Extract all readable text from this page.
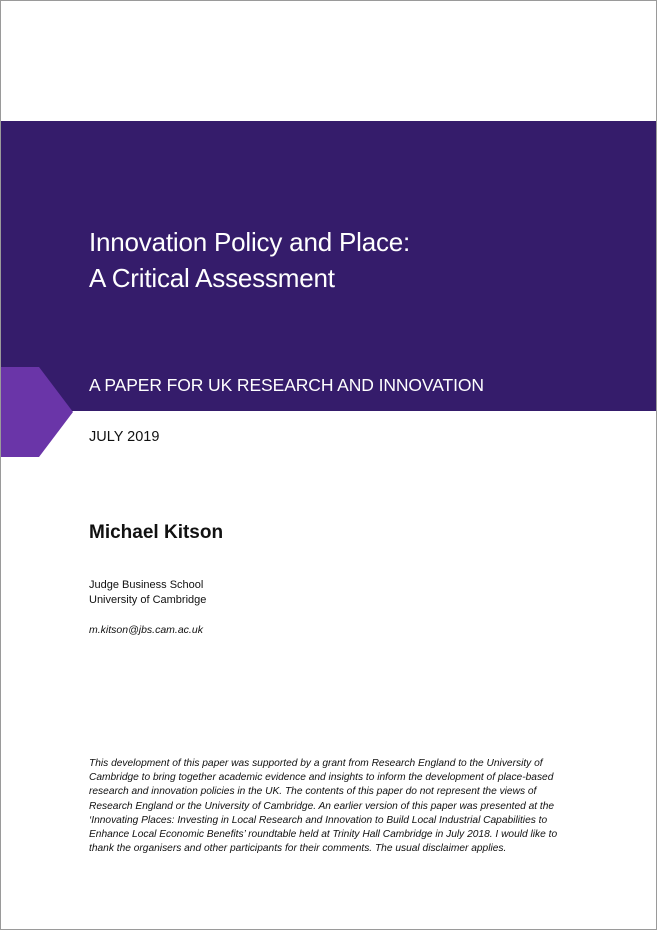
Innovation Policy and Place:
A Critical Assessment

A PAPER FOR UK RESEARCH AND INNOVATION

JULY 2019

Michael Kitson

Judge Business School
University of Cambridge

m.kitson@jbs.cam.ac.uk

This development of this paper was supported by a grant from Research England to the University of
Cambridge to bring together academic evidence and insights to inform the development of place-based
research and innovation policies in the UK. The contents of this paper do not represent the views of
Research England or the University of Cambridge. An earlier version of this paper was presented at the
‘Innovating Places: Investing in Local Research and Innovation to Build Local Industrial Capabilities to
Enhance Local Economic Benefits’ roundtable held at Trinity Hall Cambridge in July 2018. I would like to
thank the organisers and other participants for their comments. The usual disclaimer applies.
